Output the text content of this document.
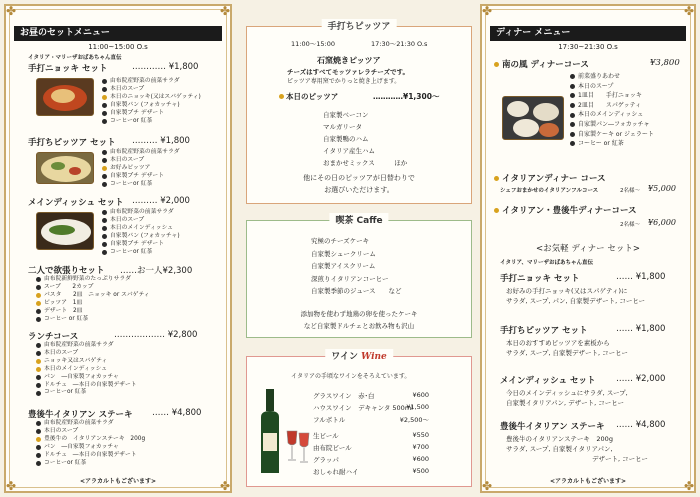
✤	✤
✤	✤
お昼のセットメニュー
11:00~15:00 O.s
イタリア・マリーザおばあちゃん直伝
手打ニョッキ セット	………… ¥1,800
由布院産野菜の前菜サラダ
本日のスープ
本日のニョッキ(又はスパゲッティ)
自家製パン (フォカッチャ)
自家製プチ デザート
コーヒーor 紅茶
手打ちピッツア セット ……… ¥1,800
由布院産野菜の前菜サラダ
本日のスープ
お好みピッツア
自家製プチ デザート
コーヒーor 紅茶
メインディッシュ セット ……… ¥2,000
由布院野菜の前菜サラダ
本日のスープ
本日のメインディッシュ
自家製パン (フォカッチャ)
自家製プチ デザート
コーヒーor 紅茶
二人で欲張りセット ……お一人¥2,300
由布院新鮮野菜のたっぷりサラダ
スープ　　2カップ
パスタ　　2皿　ニョッキ or スパゲティ
ピッツア　1皿
デザート　2皿
コーヒー or 紅茶
ランチコース	……………… ¥2,800
由布院産野菜の前菜サラダ
本日のスープ
ニョッキ又はスパゲティ
本日のメインディッシュ
パン　―自家製フォカッチャ
ドルチェ　―本日の自家製デザート
コーヒーor 紅茶
豊後牛イタリアン ステーキ …… ¥4,800
由布院産野菜の前菜サラダ
本日のスープ
豊後牛の　イタリアンステーキ　200g
パン　―自家製フォカッチャ
ドルチェ　―本日の自家製デザート
コーヒーor 紅茶
<アラカルトもございます>
手打ちピッツア
11:00～15:00	17:30～21:30 O.s
石窯焼きピッツア
チーズはすべてモッツァレラチーズです。
ピッツア専用窯でかりっと焼き上げます。
本日のピッツア	…………¥1,300～
自家製ベーコン
マルガリータ
自家製鴨のハム
イタリア産生ハム
おまかせミックス　　　ほか
他にその日のピッツアが日替わりで
お選びいただけます。
喫茶 Caffe
究極のチーズケーキ
自家製シュークリーム
自家製アイスクリーム
深煎りイタリアンコーヒー
自家製季節のジュース　　など
添加物を使わず地鶏の卵を使ったケーキ
など自家製ドルチェとお飲み物も沢山
ワイン Wine
イタリアの手頃なワインをそろえています。
グラスワイン　赤･白	¥600
ハウスワイン　デキャンタ 500ml
¥1,500
フルボトル	¥2,500～
生ビール	¥550
由布院ビール	¥700
グラッパ	¥600
おしゃれ耐ハイ	¥500
✤	✤
✤	✤
ディナー メニュー
17:30~21:30 O.s
南の風 ディナーコース	¥3,800
前菜盛りあわせ
本日のスープ
1皿目　　手打ニョッキ
2皿目　　スパゲッティ
本日のメインディッシュ
自家製パン―フォカッチャ
自家製ケーキ or ジェラート
コーヒー or 紅茶
イタリアンディナー コース
シェフおまかせのイタリアンフルコース	2名様～ ¥5,000
イタリアン・豊後牛ディナーコース
2名様～ ¥6,000
<お気軽 ディナー セット>
イタリア、マリーザおばあちゃん直伝
手打ニョッキ セット	…… ¥1,800
お好みの手打ニョッキ(又はスパゲティ)に
サラダ, スープ, パン, 自家製デザート, コーヒー
手打ちピッツア セット	…… ¥1,800
本日のおすすめピッツアを素板から
サラダ, スープ, 自家製デザート, コーヒー
メインディッシュ セット …… ¥2,000
今日のメインディッシュにサラダ, スープ,
自家製イタリアパン, デザート, コーヒー
豊後牛イタリアン ステーキ …… ¥4,800
豊後牛のイタリアンステーキ　200g
サラダ, スープ, 自家製イタリアパン,
デザート, コーヒー
<アラカルトもございます>
